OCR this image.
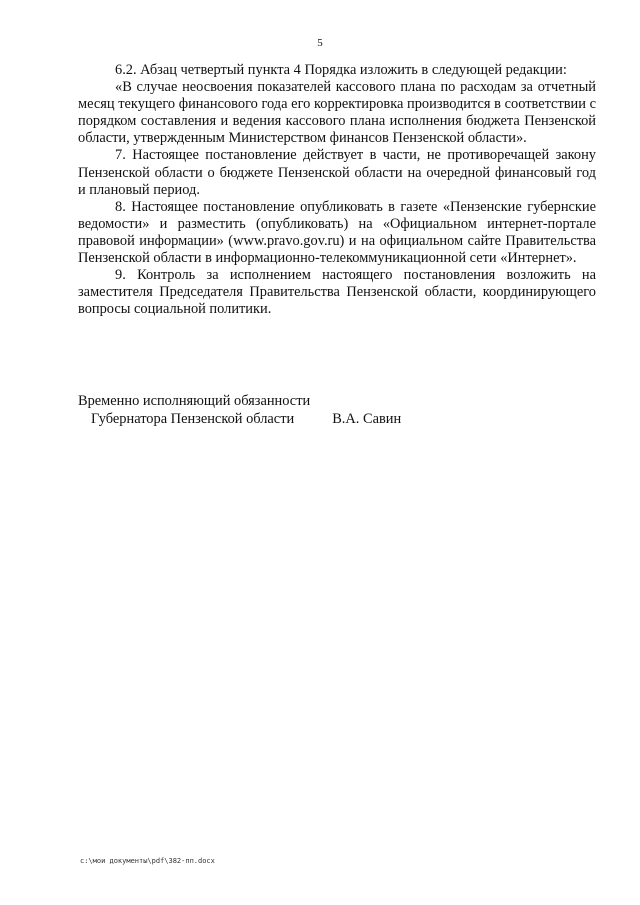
5

6.2. Абзац четвертый пункта 4 Порядка изложить в следующей редакции:

«В случае неосвоения показателей кассового плана по расходам за отчетный месяц текущего финансового года его корректировка производится в соответствии с порядком составления и ведения кассового плана исполнения бюджета Пензенской области, утвержденным Министерством финансов Пензенской области».

7. Настоящее постановление действует в части, не противоречащей закону Пензенской области о бюджете Пензенской области на очередной финансовый год и плановый период.

8. Настоящее постановление опубликовать в газете «Пензенские губернские ведомости» и разместить (опубликовать) на «Официальном интернет-портале правовой информации» (www.pravo.gov.ru) и на официальном сайте Правительства Пензенской области в информационно-телекоммуникационной сети «Интернет».

9. Контроль за исполнением настоящего постановления возложить на заместителя Председателя Правительства Пензенской области, координирующего вопросы социальной политики.

Временно исполняющий обязанности
Губернатора Пензенской области	В.А. Савин
c:\мои документы\pdf\382-пп.docx
